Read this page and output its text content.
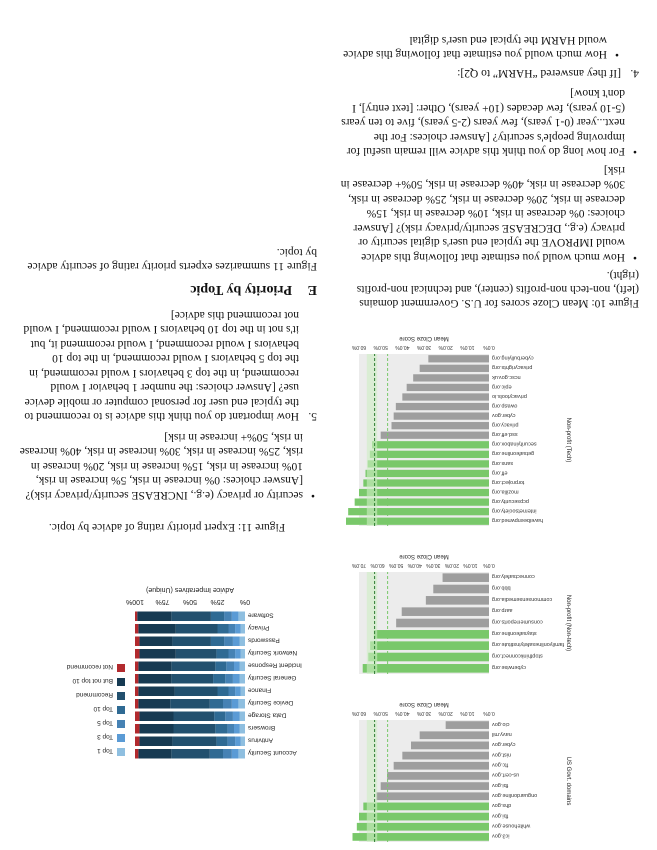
ic3.gov
whitehouse.gov
fbi.gov
dhs.gov
onguardonline.gov
fbi.gov
us-cert.gov
ftc.gov
nist.gov
cyber.gov
navy.mil
cio.gov
0.0%
10.0%
20.0%
30.0%
40.0%
50.0%
60.0%
Mean Cloze Score
US Govt. domains
cyberwise.org
stopthinkconnect.org
familyonlinesafetyinstitute.org
staysafeonline.org
consumerreports.org
aarp.org
commonsensemedia.org
bbb.org
connectsafely.org
0.0%
10.0%
20.0%
30.0%
40.0%
50.0%
60.0%
70.0%
Mean Cloze Score
Non-profit (Non-tech)
haveibeenpwned.org
internetsociety.org
pcpsecurity.org
mozilla.org
torproject.org
eff.org
sans.org
getsafeonline.org
securityinabox.org
ssd.eff.org
privacy.org
cyber.gov
owasp.org
privacytools.io
epic.org
ncsc.gov.uk
privacyrights.org
cyberbullying.org
0.0%
10.0%
20.0%
30.0%
40.0%
50.0%
60.0%
Mean Cloze Score
Non-profit (Tech)

Figure 10: Mean Cloze scores for U.S. Government domains (left), non-tech non-profits (center), and technical non-profits (right).

• How much would you estimate that following this advice would IMPROVE the typical end user's digital security or privacy (e.g., DECREASE security/privacy risk)? [Answer choices: 0% decrease in risk, 10% decrease in risk, 15% decrease in risk, 20% decrease in risk, 25% decrease in risk, 30% decrease in risk, 40% decrease in risk, 50%+ decrease in risk]
• For how long do you think this advice will remain useful for improving people's security? [Answer choices: For the next...year (0-1 years), few years (2-5 years), five to ten years (5-10 years), few decades (10+ years), Other: [text entry], I don't know]
4.
[If they answered “HARM” to Q2]:
• How much would you estimate that following this advice would HARM the typical end user's digital
Account Security
Antivirus
Browsers
Data Storage
Device Security
Finance
General Security
Incident Response
Network Security
Passwords
Privacy
Software
0%
25%
50%
75%
100%
Advice Imperatives (Unique)
Top 1
Top 3
Top 5
Top 10
Recommend
But not top 10
Not recommend

Figure 11: Expert priority rating of advice by topic.

• security or privacy (e.g., INCREASE security/privacy risk)? [Answer choices: 0% increase in risk, 5% increase in risk, 10% increase in risk, 15% increase in risk, 20% increase in risk, 25% increase in risk, 30% increase in risk, 40% increase in risk, 50%+ increase in risk]
5.
How important do you think this advice is to recommend to the typical end user for personal computer or mobile device use? [Answer choices: the number 1 behavior I would recommend, in the top 3 behaviors I would recommend, in the top 5 behaviors I would recommend, in the top 10 behaviors I would recommend, I would recommend it, but it's not in the top 10 behaviors I would recommend, I would not recommend this advice]
E Priority by Topic

Figure 11 summarizes experts priority rating of security advice by topic.
